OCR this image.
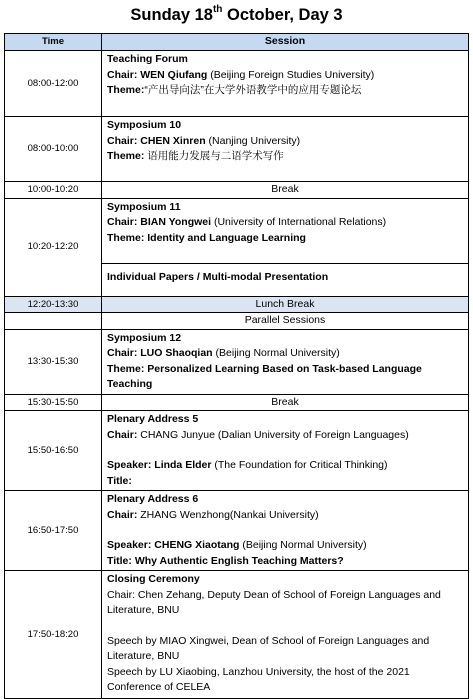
Sunday 18th October, Day 3
Time	Session
08:00-12:00	Teaching Forum
Chair: WEN Qiufang (Beijing Foreign Studies University)
Theme:“产出导向法”在大学外语教学中的应用专题论坛

08:00-10:00	Symposium 10
Chair: CHEN Xinren (Nanjing University)
Theme: 语用能力发展与二语学术写作

10:00-10:20	Break
10:20-12:20	Symposium 11
Chair: BIAN Yongwei (University of International Relations)
Theme: Identity and Language Learning
Individual Papers / Multi-modal Presentation

12:20-13:30	Lunch Break
	Parallel Sessions
13:30-15:30	Symposium 12
Chair: LUO Shaoqian (Beijing Normal University)
Theme: Personalized Learning Based on Task-based Language Teaching

15:30-15:50	Break
15:50-16:50	Plenary Address 5
Chair: CHANG Junyue (Dalian University of Foreign Languages)
Speaker: Linda Elder (The Foundation for Critical Thinking)
Title:

16:50-17:50	Plenary Address 6
Chair: ZHANG Wenzhong(Nankai University)
Speaker: CHENG Xiaotang (Beijing Normal University)
Title: Why Authentic English Teaching Matters?

17:50-18:20	Closing Ceremony
Chair: Chen Zehang, Deputy Dean of School of Foreign Languages and Literature, BNU
Speech by MIAO Xingwei, Dean of School of Foreign Languages and Literature, BNU
Speech by LU Xiaobing, Lanzhou University, the host of the 2021 Conference of CELEA
